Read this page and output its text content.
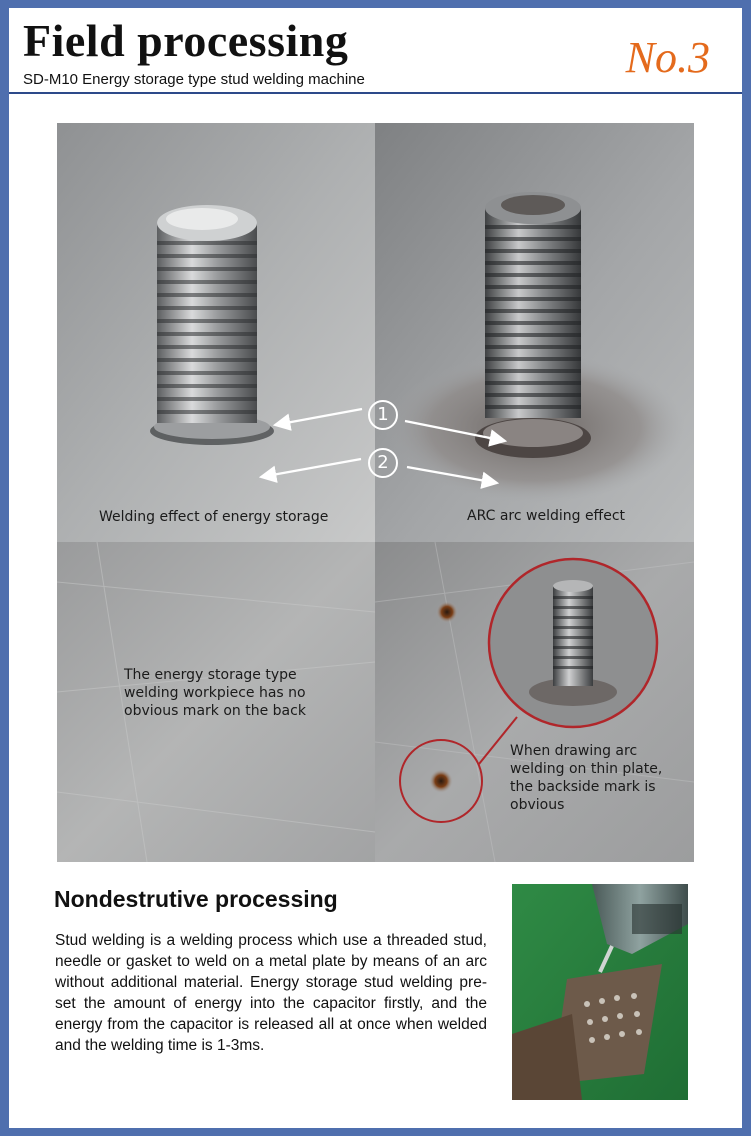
Field processing
SD-M10 Energy storage type stud welding machine	No.3
Welding effect of energy storage	ARC arc welding effect
1
2
The energy storage type welding workpiece has no obvious mark on the back
When drawing arc welding on thin plate, the backside mark is obvious
Nondestrutive processing
Stud welding is a welding process which use a threaded stud, needle or gasket to weld on a metal plate by means of an arc without additional material. Energy storage stud welding pre-set the amount of energy into the capacitor firstly, and the energy from the capacitor is released all at once when welded and the welding time is 1-3ms.
